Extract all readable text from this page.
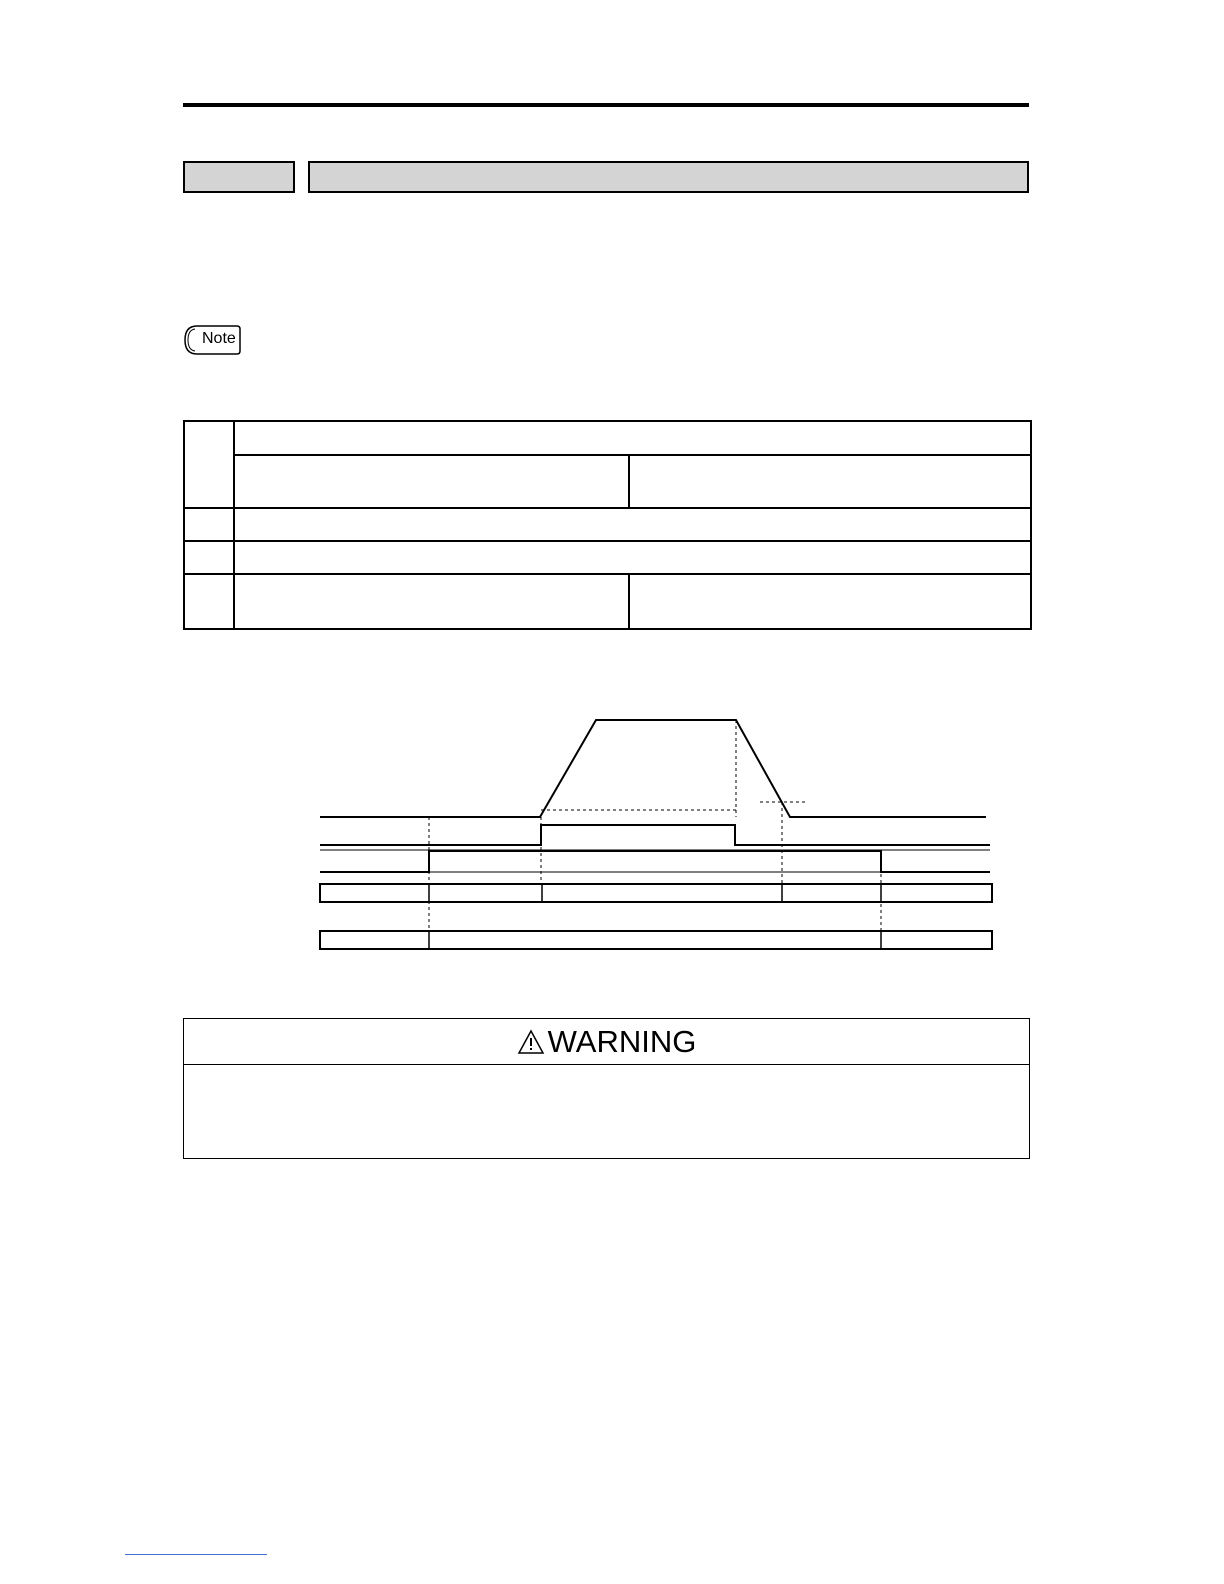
Note

WARNING
